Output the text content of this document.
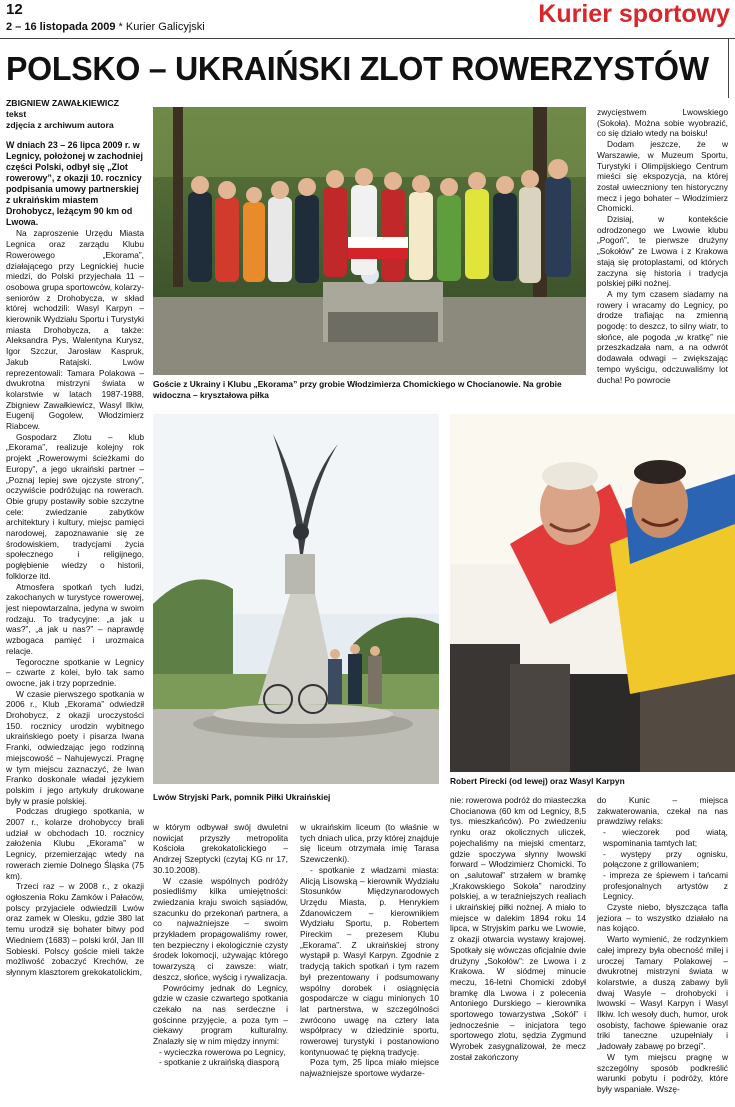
12
2 – 16 listopada 2009 * Kurier Galicyjski	Kurier sportowy
POLSKO – UKRAIŃSKI ZLOT ROWERZYSTÓW

ZBIGNIEW ZAWAŁKIEWICZ

tekst

zdjęcia z archiwum autora

W dniach 23 – 26 lipca 2009 r. w Legnicy, położonej w zachodniej części Polski, odbył się „Zlot rowerowy”, z okazji 10. rocznicy podpisania umowy partnerskiej z ukraińskim miastem Drohobycz, leżącym 90 km od Lwowa.

Na zaproszenie Urzędu Miasta Legnica oraz zarządu Klubu Rowerowego „Ekorama”, działającego przy Legnickiej hucie miedzi, do Polski przyjechała 11 – osobowa grupa sportowców, kolarzy-seniorów z Drohobycza, w skład której wchodzili: Wasyl Karpyn – kierownik Wydziału Sportu i Turystyki miasta Drohobycza, a także: Aleksandra Pys, Walentyna Kurysz, Igor Szczur, Jarosław Kaspruk, Jakub Ratajski. Lwów reprezentowali: Tamara Polakowa – dwukrotna mistrzyni świata w kolarstwie w latach 1987-1988, Zbigniew Zawałkiewicz, Wasyl Ilkiw, Eugenij Gogolew, Włodzimierz Riabcew.

Gospodarz Zlotu – klub „Ekorama”, realizuje kolejny rok projekt „Rowerowymi ścieżkami do Europy”, a jego ukraiński partner – „Poznaj lepiej swe ojczyste strony”, oczywiście podróżując na rowerach. Obie grupy postawiły sobie szczytne cele: zwiedzanie zabytków architektury i kultury, miejsc pamięci narodowej, zapoznawanie się ze środowiskiem, tradycjami życia społecznego i religijnego, pogłębienie wiedzy o historii, folklorze itd.

Atmosfera spotkań tych ludzi, zakochanych w turystyce rowerowej, jest niepowtarzalna, jedyna w swoim rodzaju. To tradycyjne: „a jak u was?”, „a jak u nas?” – naprawdę wzbogaca pamięć i urozmaica relacje.

Tegoroczne spotkanie w Legnicy – czwarte z kolei, było tak samo owocne, jak i trzy poprzednie.

W czasie pierwszego spotkania w 2006 r., Klub „Ekorama” odwiedził Drohobycz, z okazji uroczystości 150. rocznicy urodzin wybitnego ukraińskiego poety i pisarza Iwana Franki, odwiedzając jego rodzinną miejscowość – Nahujewyczi. Pragnę w tym miejscu zaznaczyć, że Iwan Franko doskonale władał językiem polskim i jego artykuły drukowane były w prasie polskiej.

Podczas drugiego spotkania, w 2007 r., kolarze drohobyccy brali udział w obchodach 10. rocznicy założenia Klubu „Ekorama” w Legnicy, przemierzając wtedy na rowerach ziemie Dolnego Śląska (75 km).

Trzeci raz – w 2008 r., z okazji ogłoszenia Roku Zamków i Pałaców, polscy przyjaciele odwiedzili Lwów oraz zamek w Olesku, gdzie 380 lat temu urodził się bohater bitwy pod Wiedniem (1683) – polski król, Jan III Sobieski. Polscy goście mieli także możliwość zobaczyć Krechów, ze słynnym klasztorem grekokatolickim,

Goście z Ukrainy i Klubu „Ekorama” przy grobie Włodzimierza Chomickiego w Chocianowie. Na grobie widoczna – kryształowa piłka

zwycięstwem Lwowskiego (Sokoła). Można sobie wyobrazić, co się działo wtedy na boisku!

Dodam jeszcze, że w Warszawie, w Muzeum Sportu, Turystyki i Olimpijskiego Centrum mieści się ekspozycja, na której został uwieczniony ten historyczny mecz i jego bohater – Włodzimierz Chomicki.

Dzisiaj, w kontekście odrodzonego we Lwowie klubu „Pogoń”, te pierwsze drużyny „Sokołów” ze Lwowa i z Krakowa stają się protoplastami, od których zaczyna się historia i tradycja polskiej piłki nożnej.

A my tym czasem siadamy na rowery i wracamy do Legnicy, po drodze trafiając na zmienną pogodę: to deszcz, to silny wiatr, to słońce, ale pogoda „w kratkę” nie przeszkadzała nam, a na odwrót dodawała odwagi – zwiększając tempo wyścigu, odczuwaliśmy lot ducha! Po powrocie

Lwów Stryjski Park, pomnik Piłki Ukraińskiej
Robert Pirecki (od lewej) oraz Wasyl Karpyn

w którym odbywał swój dwuletni nowicjat przyszły metropolita Kościoła grekokatolickiego – Andrzej Szeptycki (czytaj KG nr 17, 30.10.2008).

W czasie wspólnych podróży posiedliśmy kilka umiejętności: zwiedzania kraju swoich sąsiadów, szacunku do przekonań partnera, a co najważniejsze – swoim przykładem propagowaliśmy rower, ten bezpieczny i ekologicznie czysty środek lokomocji, używając którego towarzyszą ci zawsze: wiatr, deszcz, słońce, wyścig i rywalizacja.

Powrócimy jednak do Legnicy, gdzie w czasie czwartego spotkania czekało na nas serdeczne i gościnne przyjęcie, a poza tym – ciekawy program kulturalny. Znalazły się w nim między innymi:

- wycieczka rowerowa po Legnicy,

- spotkanie z ukraińską diasporą

w ukraińskim liceum (to właśnie w tych dniach ulica, przy której znajduje się liceum otrzymała imię Tarasa Szewczenki).

- spotkanie z władzami miasta: Alicją Lisowską – kierownik Wydziału Stosunków Międzynarodowych Urzędu Miasta, p. Henrykiem Żdanowiczem – kierownikiem Wydziału Sportu, p. Robertem Pireckim – prezesem Klubu „Ekorama”. Z ukraińskiej strony wystąpił p. Wasyl Karpyn. Zgodnie z tradycją takich spotkań i tym razem był prezentowany i podsumowany wspólny dorobek i osiągnięcia gospodarcze w ciągu minionych 10 lat partnerstwa, w szczególności zwrócono uwagę na cztery lata współpracy w dziedzinie sportu, rowerowej turystyki i postanowiono kontynuować tę piękną tradycję.

Poza tym, 25 lipca miało miejsce najważniejsze sportowe wydarze-

nie: rowerowa podróż do miasteczka Chocianowa (60 km od Legnicy, 8,5 tys. mieszkańców). Po zwiedzeniu rynku oraz okolicznych uliczek, pojechaliśmy na miejski cmentarz, gdzie spoczywa słynny lwowski forward – Włodzimierz Chomicki. To on „salutował” strzałem w bramkę „Krakowskiego Sokoła” narodziny polskiej, a w teraźniejszych realiach i ukraińskiej piłki nożnej. A miało to miejsce w dalekim 1894 roku 14 lipca, w Stryjskim parku we Lwowie, z okazji otwarcia wystawy krajowej. Spotkały się wówczas oficjalnie dwie drużyny „Sokołów”: ze Lwowa i z Krakowa. W siódmej minucie meczu, 16-letni Chomicki zdobył bramkę dla Lwowa i z polecenia Antoniego Durskiego – kierownika sportowego towarzystwa „Sokół” i jednocześnie – inicjatora tego sportowego zlotu, sędzia Zygmund Wyrobek zasygnalizował, że mecz został zakończony

do Kunic – miejsca zakwaterowania, czekał na nas prawdziwy relaks:

- wieczorek pod wiatą, wspominania tamtych lat;

- występy przy ognisku, połączone z grillowaniem;

- impreza ze śpiewem i tańcami profesjonalnych artystów z Legnicy.

Czyste niebo, błyszcząca tafla jeziora – to wszystko działało na nas kojąco.

Warto wymienić, że rodzynkiem całej imprezy była obecność milej i uroczej Tamary Polakowej – dwukrotnej mistrzyni świata w kolarstwie, a duszą zabawy byli dwaj Wasyle – drohobycki i lwowski – Wasyl Karpyn i Wasyl Ilkiw. Ich wesoły duch, humor, urok osobisty, fachowe śpiewanie oraz triki taneczne uzupełniały i „ładowały zabawę po brzegi”.

W tym miejscu pragnę w szczególny sposób podkreślić warunki pobytu i podróży, które były wspaniałe. Wszę-
